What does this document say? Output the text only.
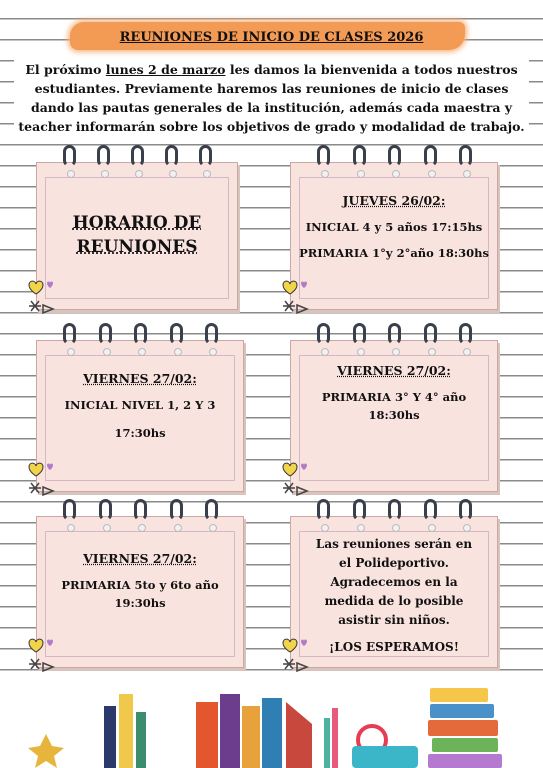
REUNIONES DE INICIO DE CLASES 2026
El próximo lunes 2 de marzo les damos la bienvenida a todos nuestros estudiantes. Previamente haremos las reuniones de inicio de clases dando las pautas generales de la institución, además cada maestra y teacher informarán sobre los objetivos de grado y modalidad de trabajo.
HORARIO DE REUNIONES
JUEVES 26/02:
INICIAL 4 y 5 años 17:15hs
PRIMARIA 1°y 2°año 18:30hs
VIERNES 27/02:
INICIAL NIVEL 1, 2 Y 3
17:30hs
VIERNES 27/02:
PRIMARIA 3° Y 4° año
18:30hs
VIERNES 27/02:
PRIMARIA 5to y 6to año
19:30hs
Las reuniones serán en el Polideportivo. Agradecemos en la medida de lo posible asistir sin niños.
¡LOS ESPERAMOS!
